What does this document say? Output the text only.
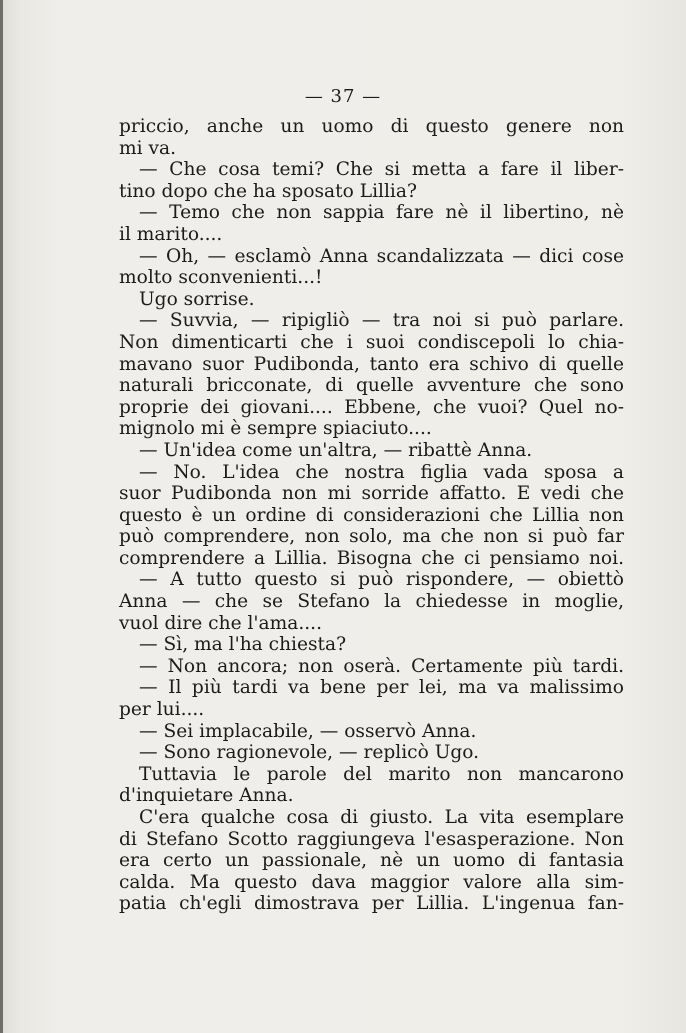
— 37 —
priccio, anche un uomo di questo genere non
mi va.
— Che cosa temi? Che si metta a fare il liber-
tino dopo che ha sposato Lillia?
— Temo che non sappia fare nè il libertino, nè
il marito....
— Oh, — esclamò Anna scandalizzata — dici cose
molto sconvenienti...!
Ugo sorrise.
— Suvvia, — ripigliò — tra noi si può parlare.
Non dimenticarti che i suoi condiscepoli lo chia-
mavano suor Pudibonda, tanto era schivo di quelle
naturali bricconate, di quelle avventure che sono
proprie dei giovani.... Ebbene, che vuoi? Quel no-
mignolo mi è sempre spiaciuto....
— Un'idea come un'altra, — ribattè Anna.
— No. L'idea che nostra figlia vada sposa a
suor Pudibonda non mi sorride affatto. E vedi che
questo è un ordine di considerazioni che Lillia non
può comprendere, non solo, ma che non si può far
comprendere a Lillia. Bisogna che ci pensiamo noi.
— A tutto questo si può rispondere, — obiettò
Anna — che se Stefano la chiedesse in moglie,
vuol dire che l'ama....
— Sì, ma l'ha chiesta?
— Non ancora; non oserà. Certamente più tardi.
— Il più tardi va bene per lei, ma va malissimo
per lui....
— Sei implacabile, — osservò Anna.
— Sono ragionevole, — replicò Ugo.
Tuttavia le parole del marito non mancarono
d'inquietare Anna.
C'era qualche cosa di giusto. La vita esemplare
di Stefano Scotto raggiungeva l'esasperazione. Non
era certo un passionale, nè un uomo di fantasia
calda. Ma questo dava maggior valore alla sim-
patia ch'egli dimostrava per Lillia. L'ingenua fan-
